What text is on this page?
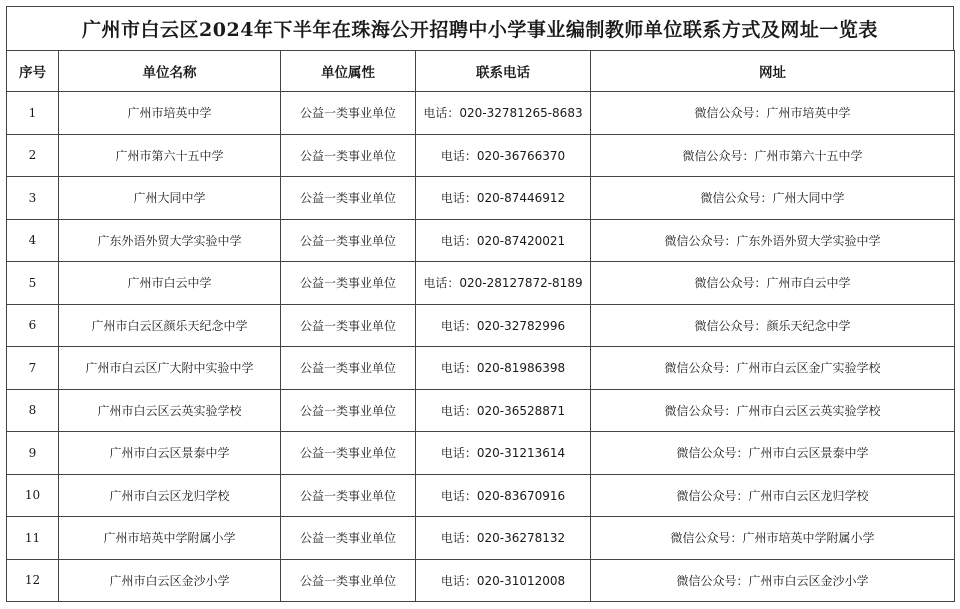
广州市白云区2024年下半年在珠海公开招聘中小学事业编制教师单位联系方式及网址一览表
序号	单位名称	单位属性	联系电话	网址
1	广州市培英中学	公益一类事业单位	电话：020-32781265-8683	微信公众号：广州市培英中学
2	广州市第六十五中学	公益一类事业单位	电话：020-36766370	微信公众号：广州市第六十五中学
3	广州大同中学	公益一类事业单位	电话：020-87446912	微信公众号：广州大同中学
4	广东外语外贸大学实验中学	公益一类事业单位	电话：020-87420021	微信公众号：广东外语外贸大学实验中学
5	广州市白云中学	公益一类事业单位	电话：020-28127872-8189	微信公众号：广州市白云中学
6	广州市白云区颜乐天纪念中学	公益一类事业单位	电话：020-32782996	微信公众号：颜乐天纪念中学
7	广州市白云区广大附中实验中学	公益一类事业单位	电话：020-81986398	微信公众号：广州市白云区金广实验学校
8	广州市白云区云英实验学校	公益一类事业单位	电话：020-36528871	微信公众号：广州市白云区云英实验学校
9	广州市白云区景泰中学	公益一类事业单位	电话：020-31213614	微信公众号：广州市白云区景泰中学
10	广州市白云区龙归学校	公益一类事业单位	电话：020-83670916	微信公众号：广州市白云区龙归学校
11	广州市培英中学附属小学	公益一类事业单位	电话：020-36278132	微信公众号：广州市培英中学附属小学
12	广州市白云区金沙小学	公益一类事业单位	电话：020-31012008	微信公众号：广州市白云区金沙小学
